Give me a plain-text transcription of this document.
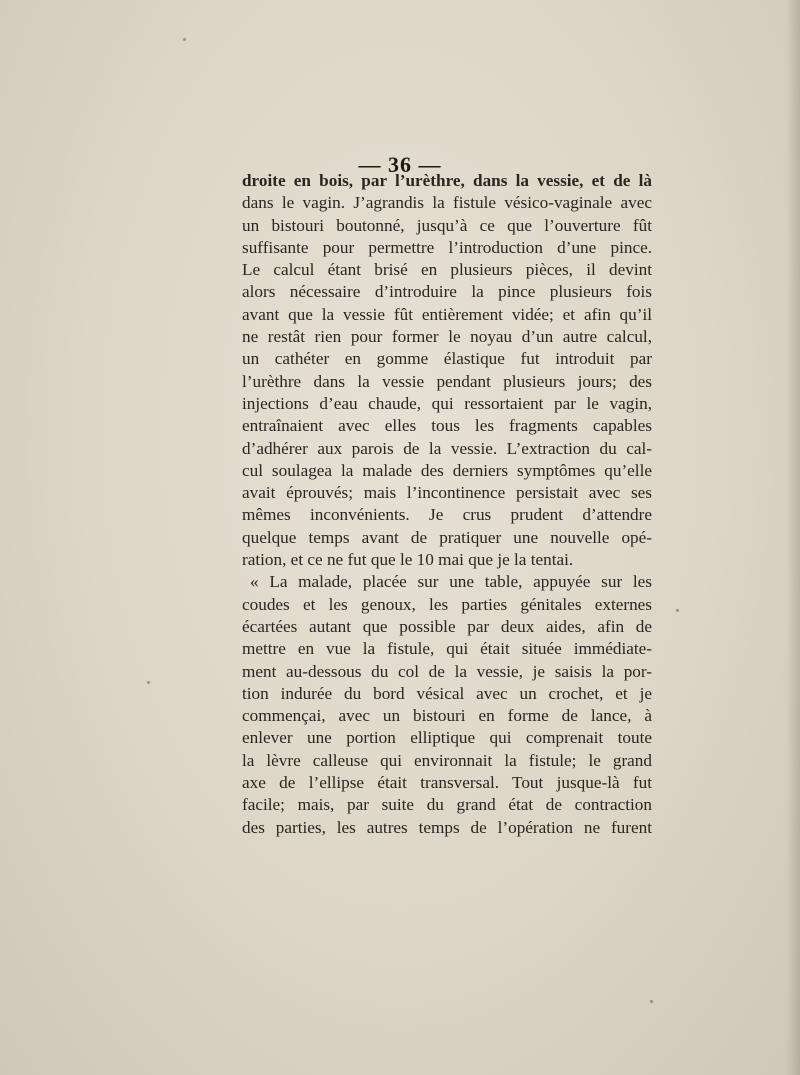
— 36 —
droite en bois, par l’urèthre, dans la vessie, et de là
dans le vagin. J’agrandis la fistule vésico-vaginale avec
un bistouri boutonné, jusqu’à ce que l’ouverture fût
suffisante pour permettre l’introduction d’une pince.
Le calcul étant brisé en plusieurs pièces, il devint
alors nécessaire d’introduire la pince plusieurs fois
avant que la vessie fût entièrement vidée; et afin qu’il
ne restât rien pour former le noyau d’un autre calcul,
un cathéter en gomme élastique fut introduit par
l’urèthre dans la vessie pendant plusieurs jours; des
injections d’eau chaude, qui ressortaient par le vagin,
entraînaient avec elles tous les fragments capables
d’adhérer aux parois de la vessie. L’extraction du cal-
cul soulagea la malade des derniers symptômes qu’elle
avait éprouvés; mais l’incontinence persistait avec ses
mêmes inconvénients. Je crus prudent d’attendre
quelque temps avant de pratiquer une nouvelle opé-
ration, et ce ne fut que le 10 mai que je la tentai.
« La malade, placée sur une table, appuyée sur les
coudes et les genoux, les parties génitales externes
écartées autant que possible par deux aides, afin de
mettre en vue la fistule, qui était située immédiate-
ment au-dessous du col de la vessie, je saisis la por-
tion indurée du bord vésical avec un crochet, et je
commençai, avec un bistouri en forme de lance, à
enlever une portion elliptique qui comprenait toute
la lèvre calleuse qui environnait la fistule; le grand
axe de l’ellipse était transversal. Tout jusque-là fut
facile; mais, par suite du grand état de contraction
des parties, les autres temps de l’opération ne furent
